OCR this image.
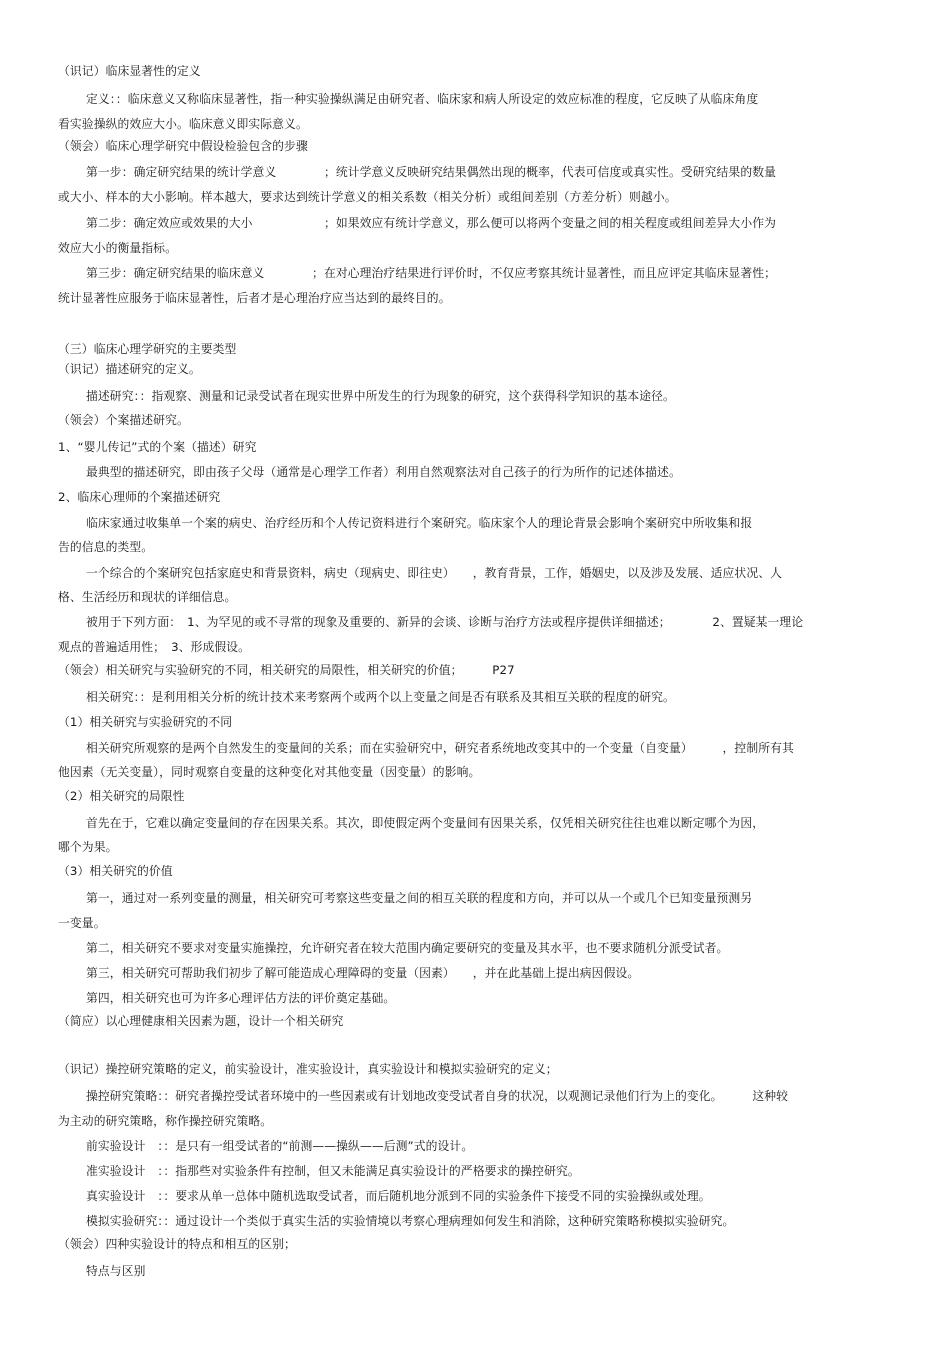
（识记）临床显著性的定义
定义：：临床意义又称临床显著性，指一种实验操纵满足由研究者、临床家和病人所设定的效应标准的程度，它反映了从临床角度
看实验操纵的效应大小。临床意义即实际意义。
（领会）临床心理学研究中假设检验包含的步骤
第一步：确定研究结果的统计学意义　　　　；统计学意义反映研究结果偶然出现的概率，代表可信度或真实性。受研究结果的数量
或大小、样本的大小影响。样本越大，要求达到统计学意义的相关系数（相关分析）或组间差别（方差分析）则越小。
第二步：确定效应或效果的大小　　　　　　；如果效应有统计学意义，那么便可以将两个变量之间的相关程度或组间差异大小作为
效应大小的衡量指标。
第三步：确定研究结果的临床意义　　　　；在对心理治疗结果进行评价时，不仅应考察其统计显著性，而且应评定其临床显著性；
统计显著性应服务于临床显著性，后者才是心理治疗应当达到的最终目的。
（三）临床心理学研究的主要类型
（识记）描述研究的定义。
描述研究：：指观察、测量和记录受试者在现实世界中所发生的行为现象的研究，这个获得科学知识的基本途径。
（领会）个案描述研究。
1、“婴儿传记”式的个案（描述）研究
最典型的描述研究，即由孩子父母（通常是心理学工作者）利用自然观察法对自己孩子的行为所作的记述体描述。
2、临床心理师的个案描述研究
临床家通过收集单一个案的病史、治疗经历和个人传记资料进行个案研究。临床家个人的理论背景会影响个案研究中所收集和报
告的信息的类型。
一个综合的个案研究包括家庭史和背景资料，病史（现病史、即往史）　　，教育背景，工作，婚姻史，以及涉及发展、适应状况、人
格、生活经历和现状的详细信息。
被用于下列方面：　1、为罕见的或不寻常的现象及重要的、新异的会谈、诊断与治疗方法或程序提供详细描述；　　　　2、置疑某一理论
观点的普遍适用性；　3、形成假设。
（领会）相关研究与实验研究的不同，相关研究的局限性，相关研究的价值；　　　P27
相关研究：：是利用相关分析的统计技术来考察两个或两个以上变量之间是否有联系及其相互关联的程度的研究。
（1）相关研究与实验研究的不同
相关研究所观察的是两个自然发生的变量间的关系；而在实验研究中，研究者系统地改变其中的一个变量（自变量）　　　，控制所有其
他因素（无关变量），同时观察自变量的这种变化对其他变量（因变量）的影响。
（2）相关研究的局限性
首先在于，它难以确定变量间的存在因果关系。其次，即使假定两个变量间有因果关系，仅凭相关研究往往也难以断定哪个为因，
哪个为果。
（3）相关研究的价值
第一，通过对一系列变量的测量，相关研究可考察这些变量之间的相互关联的程度和方向，并可以从一个或几个已知变量预测另
一变量。
第二，相关研究不要求对变量实施操控，允许研究者在较大范围内确定要研究的变量及其水平，也不要求随机分派受试者。
第三，相关研究可帮助我们初步了解可能造成心理障碍的变量（因素）　　，并在此基础上提出病因假设。
第四，相关研究也可为许多心理评估方法的评价奠定基础。
（简应）以心理健康相关因素为题，设计一个相关研究
（识记）操控研究策略的定义，前实验设计，准实验设计，真实验设计和模拟实验研究的定义；
操控研究策略：：研究者操控受试者环境中的一些因素或有计划地改变受试者自身的状况，以观测记录他们行为上的变化。　　　这种较
为主动的研究策略，称作操控研究策略。
前实验设计　：：是只有一组受试者的“前测——操纵——后测”式的设计。
准实验设计　：：指那些对实验条件有控制，但又未能满足真实验设计的严格要求的操控研究。
真实验设计　：：要求从单一总体中随机选取受试者，而后随机地分派到不同的实验条件下接受不同的实验操纵或处理。
模拟实验研究：：通过设计一个类似于真实生活的实验情境以考察心理病理如何发生和消除，这种研究策略称模拟实验研究。
（领会）四种实验设计的特点和相互的区别；
特点与区别
